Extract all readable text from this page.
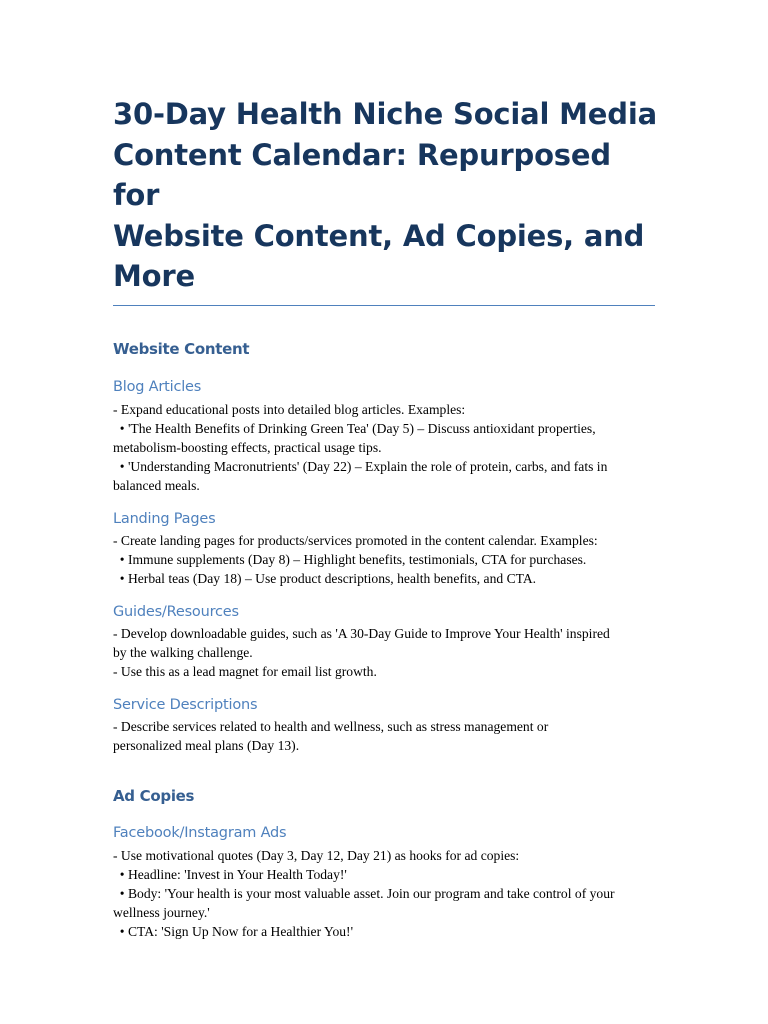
30-Day Health Niche Social Media
Content Calendar: Repurposed for
Website Content, Ad Copies, and More
Website Content
Blog Articles

- Expand educational posts into detailed blog articles. Examples:

• 'The Health Benefits of Drinking Green Tea' (Day 5) – Discuss antioxidant properties,

metabolism-boosting effects, practical usage tips.

• 'Understanding Macronutrients' (Day 22) – Explain the role of protein, carbs, and fats in

balanced meals.

Landing Pages

- Create landing pages for products/services promoted in the content calendar. Examples:

• Immune supplements (Day 8) – Highlight benefits, testimonials, CTA for purchases.

• Herbal teas (Day 18) – Use product descriptions, health benefits, and CTA.

Guides/Resources

- Develop downloadable guides, such as 'A 30-Day Guide to Improve Your Health' inspired

by the walking challenge.

- Use this as a lead magnet for email list growth.

Service Descriptions

- Describe services related to health and wellness, such as stress management or

personalized meal plans (Day 13).

Ad Copies
Facebook/Instagram Ads

- Use motivational quotes (Day 3, Day 12, Day 21) as hooks for ad copies:

• Headline: 'Invest in Your Health Today!'

• Body: 'Your health is your most valuable asset. Join our program and take control of your

wellness journey.'

• CTA: 'Sign Up Now for a Healthier You!'
